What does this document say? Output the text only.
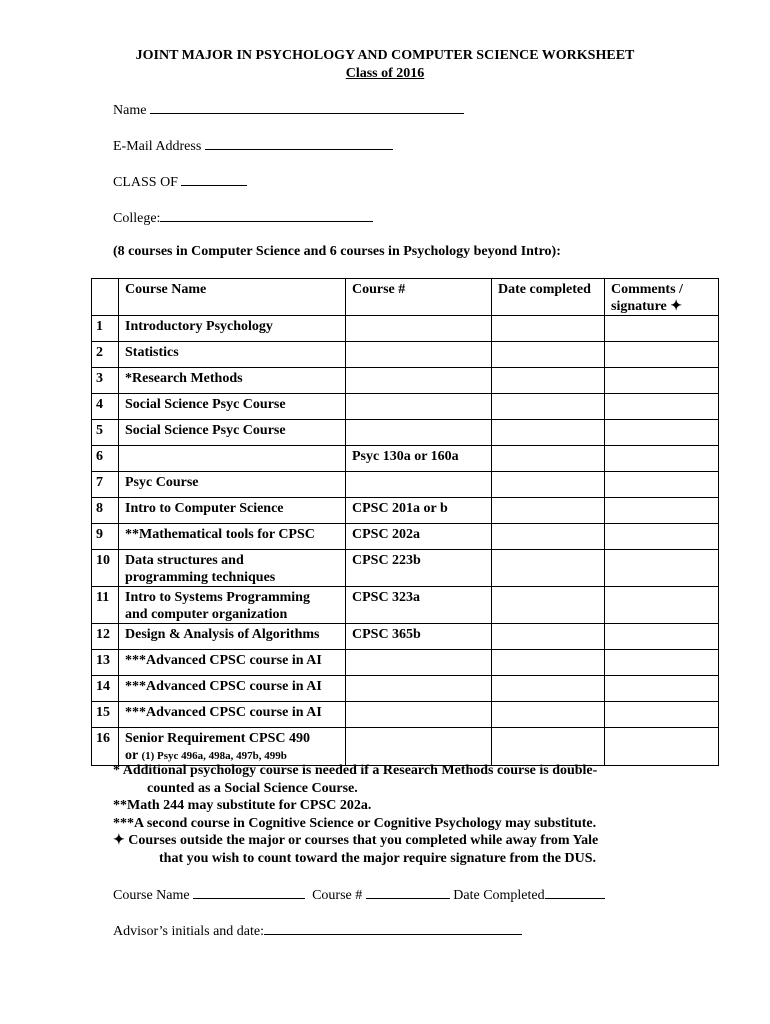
JOINT MAJOR IN PSYCHOLOGY AND COMPUTER SCIENCE WORKSHEET
Class of 2016
Name
E-Mail Address
CLASS OF
College:
(8 courses in Computer Science and 6 courses in Psychology beyond Intro):
	Course Name	Course #	Date completed	Comments / signature ✦
1	Introductory Psychology			
2	Statistics			
3	*Research Methods			
4	Social Science Psyc Course			
5	Social Science Psyc Course			
6		Psyc 130a or 160a		
7	Psyc Course			
8	Intro to Computer Science	CPSC 201a or b		
9	**Mathematical tools for CPSC	CPSC 202a		
10	Data structures and
programming techniques	CPSC 223b		
11	Intro to Systems Programming
and computer organization	CPSC 323a		
12	Design & Analysis of Algorithms	CPSC 365b		
13	***Advanced CPSC course in AI			
14	***Advanced CPSC course in AI			
15	***Advanced CPSC course in AI			
16	Senior Requirement CPSC 490
or (1) Psyc 496a, 498a, 497b, 499b			
* Additional psychology course is needed if a Research Methods course is double-
counted as a Social Science Course.
**Math 244 may substitute for CPSC 202a.
***A second course in Cognitive Science or Cognitive Psychology may substitute.
✦ Courses outside the major or courses that you completed while away from Yale
that you wish to count toward the major require signature from the DUS.
Course Name	Course #	Date Completed
Advisor’s initials and date:
